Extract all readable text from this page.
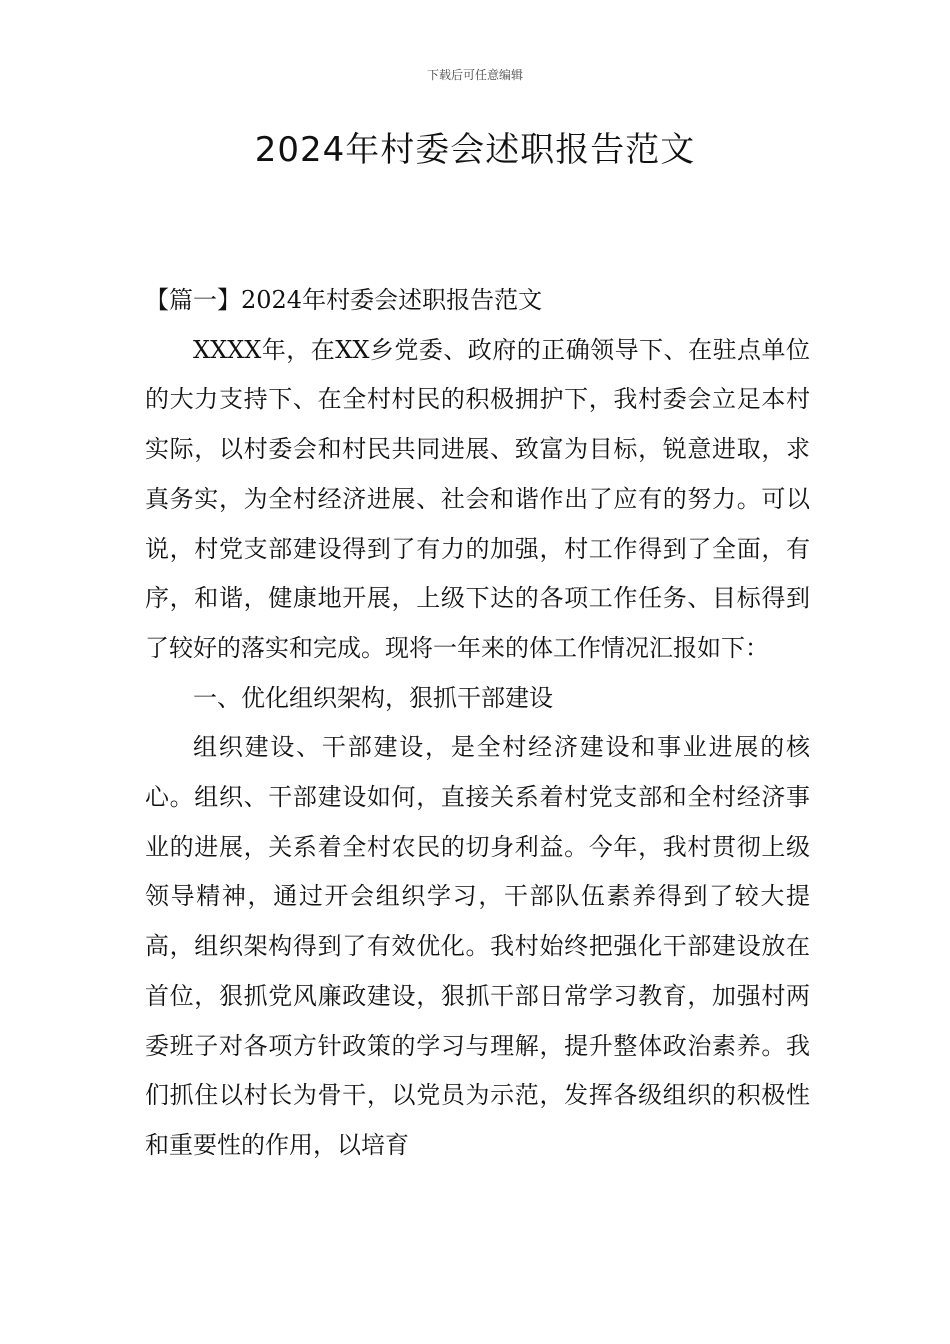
下载后可任意编辑
2024年村委会述职报告范文

【篇一】2024年村委会述职报告范文

XXXX年，在XX乡党委、政府的正确领导下、在驻点单位的大力支持下、在全村村民的积极拥护下，我村委会立足本村实际，以村委会和村民共同进展、致富为目标，锐意进取，求真务实，为全村经济进展、社会和谐作出了应有的努力。可以说，村党支部建设得到了有力的加强，村工作得到了全面，有序，和谐，健康地开展，上级下达的各项工作任务、目标得到了较好的落实和完成。现将一年来的体工作情况汇报如下：

一、优化组织架构，狠抓干部建设

组织建设、干部建设，是全村经济建设和事业进展的核心。组织、干部建设如何，直接关系着村党支部和全村经济事业的进展，关系着全村农民的切身利益。今年，我村贯彻上级领导精神，通过开会组织学习，干部队伍素养得到了较大提高，组织架构得到了有效优化。我村始终把强化干部建设放在首位，狠抓党风廉政建设，狠抓干部日常学习教育，加强村两委班子对各项方针政策的学习与理解，提升整体政治素养。我们抓住以村长为骨干，以党员为示范，发挥各级组织的积极性和重要性的作用，以培育
